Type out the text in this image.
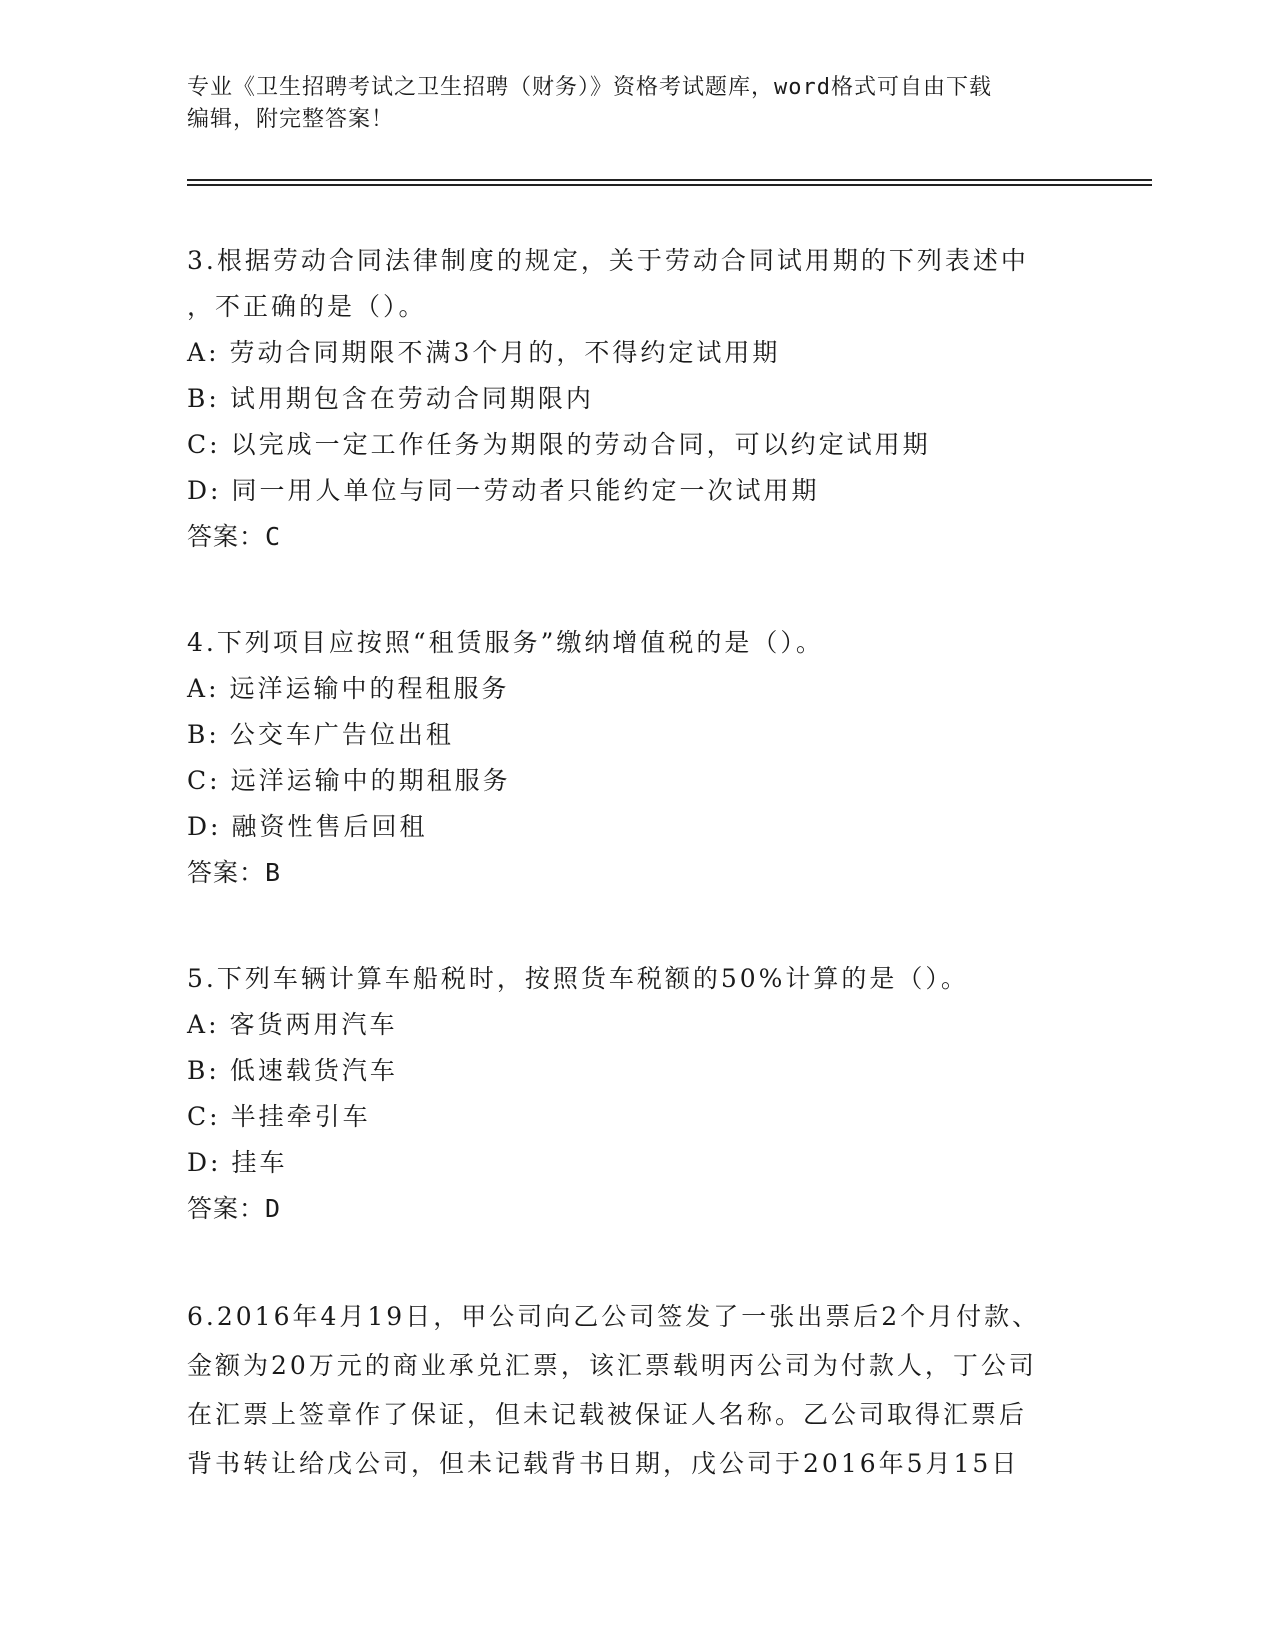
专业《卫生招聘考试之卫生招聘（财务）》资格考试题库，word格式可自由下载
编辑，附完整答案！
3.根据劳动合同法律制度的规定，关于劳动合同试用期的下列表述中
，不正确的是（）。
A: 劳动合同期限不满3个月的，不得约定试用期
B: 试用期包含在劳动合同期限内
C: 以完成一定工作任务为期限的劳动合同，可以约定试用期
D: 同一用人单位与同一劳动者只能约定一次试用期
答案：C
4.下列项目应按照“租赁服务”缴纳增值税的是（）。
A: 远洋运输中的程租服务
B: 公交车广告位出租
C: 远洋运输中的期租服务
D: 融资性售后回租
答案：B
5.下列车辆计算车船税时，按照货车税额的50%计算的是（）。
A: 客货两用汽车
B: 低速载货汽车
C: 半挂牵引车
D: 挂车
答案：D
6.2016年4月19日，甲公司向乙公司签发了一张出票后2个月付款、
金额为20万元的商业承兑汇票，该汇票载明丙公司为付款人，丁公司
在汇票上签章作了保证，但未记载被保证人名称。乙公司取得汇票后
背书转让给戊公司，但未记载背书日期，戊公司于2016年5月15日
